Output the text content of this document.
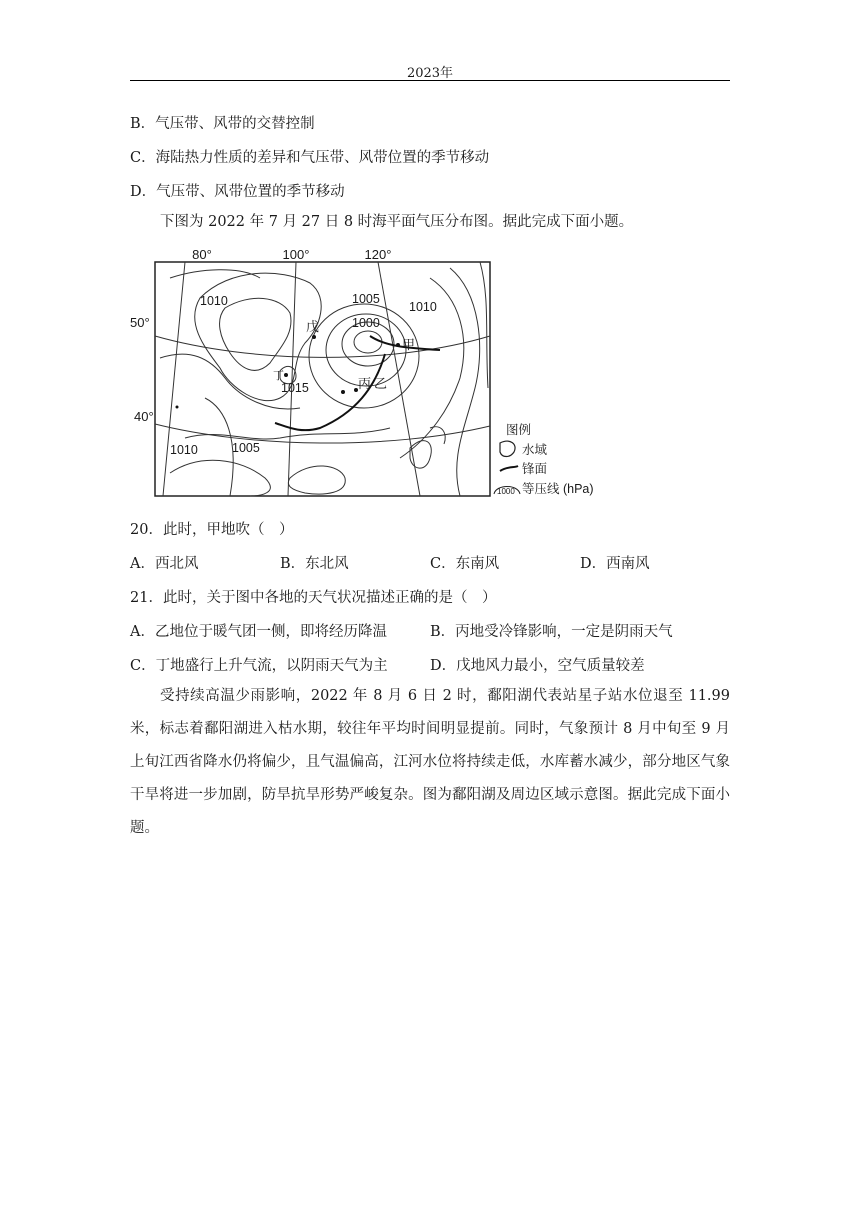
2023年
B．气压带、风带的交替控制
C．海陆热力性质的差异和气压带、风带位置的季节移动
D．气压带、风带位置的季节移动
下图为 2022 年 7 月 27 日 8 时海平面气压分布图。据此完成下面小题。
80°	100°	120°
50°
40°
1010	1005
1000
1010
1015
1010	1005
戊
甲
丙 乙
丁
图例
水域
锋面
1000 等压线 (hPa)
20．此时，甲地吹（　）
A．西北风	B．东北风	C．东南风	D．西南风
21．此时，关于图中各地的天气状况描述正确的是（　）
A．乙地位于暖气团一侧，即将经历降温	B．丙地受冷锋影响，一定是阴雨天气
C．丁地盛行上升气流，以阴雨天气为主	D．戊地风力最小，空气质量较差
受持续高温少雨影响，2022 年 8 月 6 日 2 时，鄱阳湖代表站星子站水位退至 11.99 米，标志着鄱阳湖进入枯水期，较往年平均时间明显提前。同时，气象预计 8 月中旬至 9 月上旬江西省降水仍将偏少，且气温偏高，江河水位将持续走低，水库蓄水减少，部分地区气象干旱将进一步加剧，防旱抗旱形势严峻复杂。图为鄱阳湖及周边区域示意图。据此完成下面小题。
